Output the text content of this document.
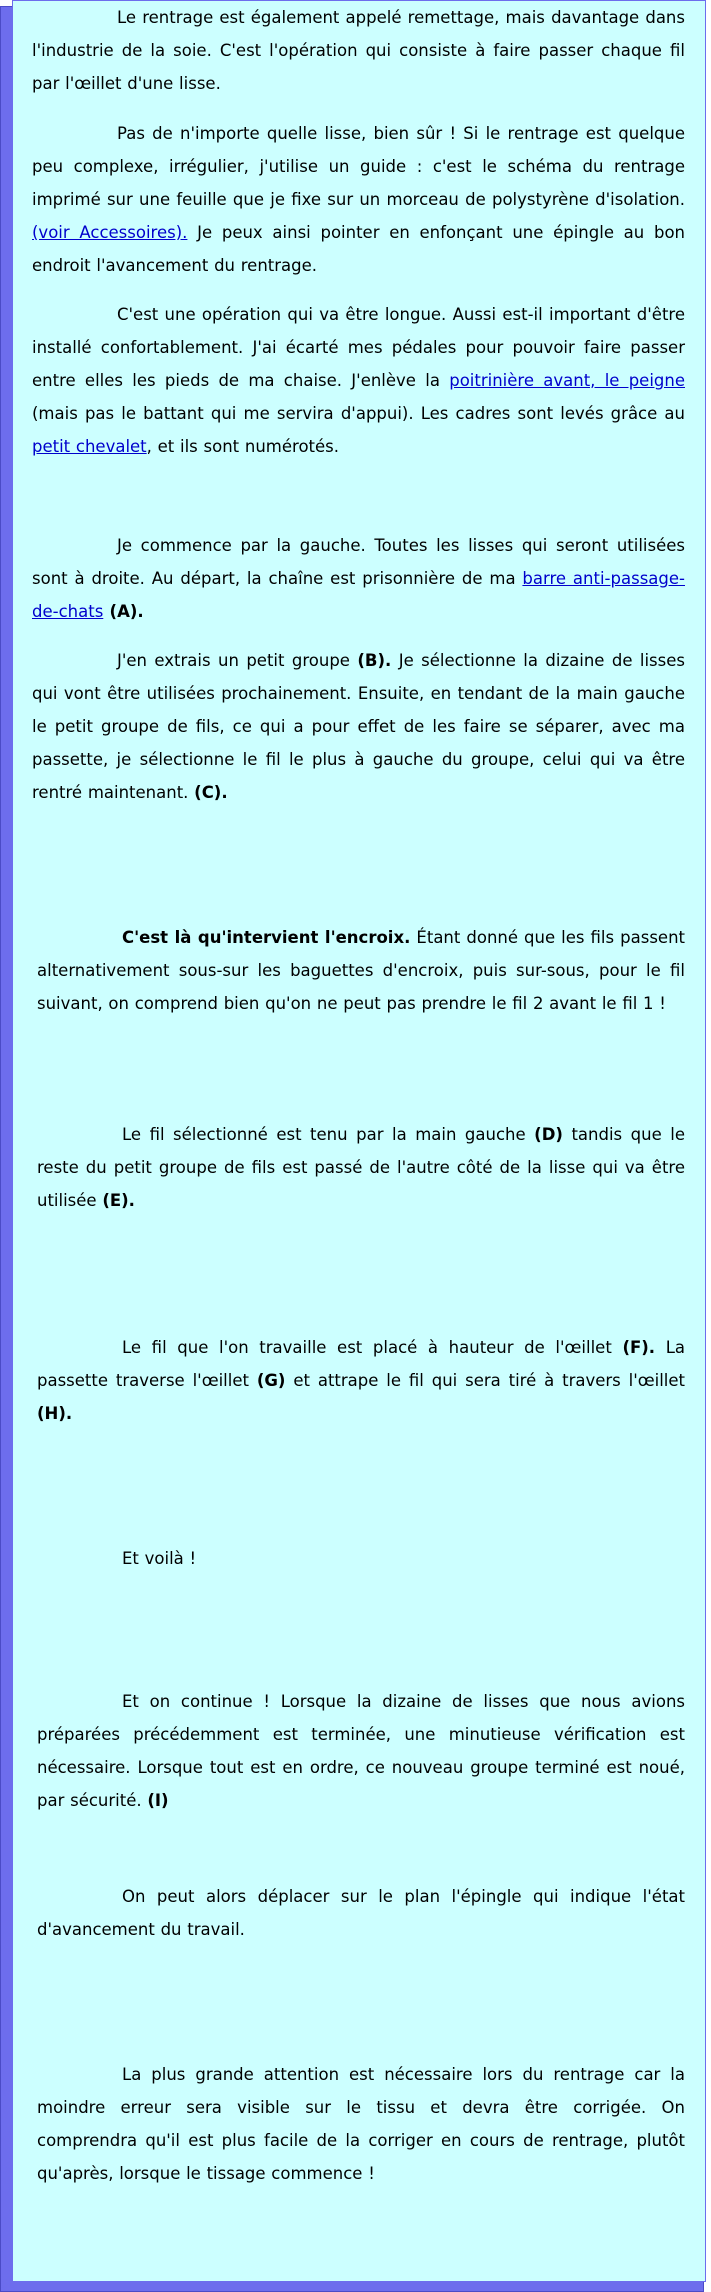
Le rentrage est également appelé remettage, mais davantage dans l'industrie de la soie. C'est l'opération qui consiste à faire passer chaque fil par l'œillet d'une lisse.

Pas de n'importe quelle lisse, bien sûr ! Si le rentrage est quelque peu complexe, irrégulier, j'utilise un guide : c'est le schéma du rentrage imprimé sur une feuille que je fixe sur un morceau de polystyrène d'isolation. (voir Accessoires). Je peux ainsi pointer en enfonçant une épingle au bon endroit l'avancement du rentrage.

C'est une opération qui va être longue. Aussi est-il important d'être installé confortablement. J'ai écarté mes pédales pour pouvoir faire passer entre elles les pieds de ma chaise. J'enlève la poitrinière avant, le peigne (mais pas le battant qui me servira d'appui). Les cadres sont levés grâce au petit chevalet, et ils sont numérotés.

Je commence par la gauche. Toutes les lisses qui seront utilisées sont à droite. Au départ, la chaîne est prisonnière de ma barre anti-passage-de-chats (A).

J'en extrais un petit groupe (B). Je sélectionne la dizaine de lisses qui vont être utilisées prochainement. Ensuite, en tendant de la main gauche le petit groupe de fils, ce qui a pour effet de les faire se séparer, avec ma passette, je sélectionne le fil le plus à gauche du groupe, celui qui va être rentré maintenant. (C).

C'est là qu'intervient l'encroix. Étant donné que les fils passent alternativement sous-sur les baguettes d'encroix, puis sur-sous, pour le fil suivant, on comprend bien qu'on ne peut pas prendre le fil 2 avant le fil 1 !

Le fil sélectionné est tenu par la main gauche (D) tandis que le reste du petit groupe de fils est passé de l'autre côté de la lisse qui va être utilisée (E).

Le fil que l'on travaille est placé à hauteur de l'œillet (F). La passette traverse l'œillet (G) et attrape le fil qui sera tiré à travers l'œillet (H).

Et voilà !

Et on continue ! Lorsque la dizaine de lisses que nous avions préparées précédemment est terminée, une minutieuse vérification est nécessaire. Lorsque tout est en ordre, ce nouveau groupe terminé est noué, par sécurité. (I)

On peut alors déplacer sur le plan l'épingle qui indique l'état d'avancement du travail.

La plus grande attention est nécessaire lors du rentrage car la moindre erreur sera visible sur le tissu et devra être corrigée. On comprendra qu'il est plus facile de la corriger en cours de rentrage, plutôt qu'après, lorsque le tissage commence !
